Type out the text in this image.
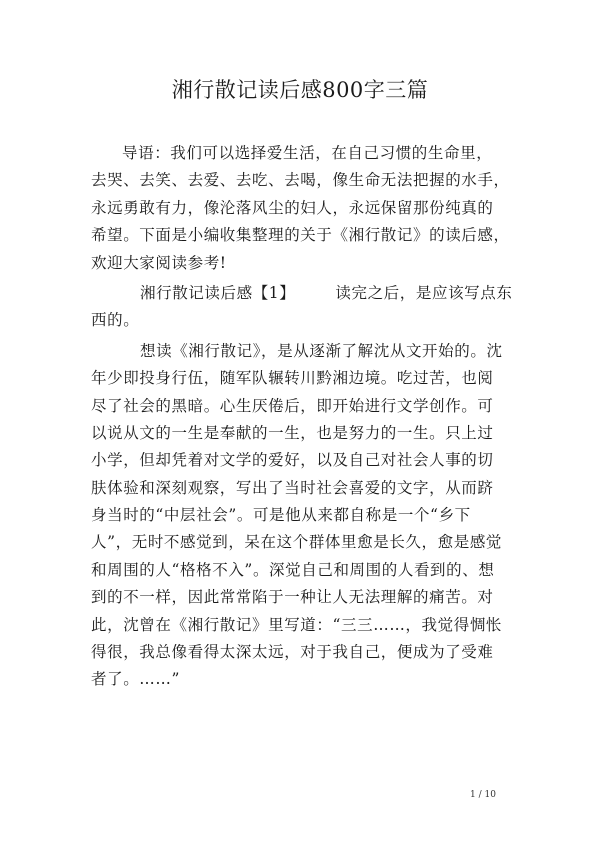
湘行散记读后感800字三篇
导语：我们可以选择爱生活，在自己习惯的生命里，
去哭、去笑、去爱、去吃、去喝，像生命无法把握的水手，
永远勇敢有力，像沦落风尘的妇人，永远保留那份纯真的
希望。下面是小编收集整理的关于《湘行散记》的读后感，
欢迎大家阅读参考!
湘行散记读后感【1】	读完之后，是应该写点东
西的。
想读《湘行散记》，是从逐渐了解沈从文开始的。沈
年少即投身行伍，随军队辗转川黔湘边境。吃过苦，也阅
尽了社会的黑暗。心生厌倦后，即开始进行文学创作。可
以说从文的一生是奉献的一生，也是努力的一生。只上过
小学，但却凭着对文学的爱好，以及自己对社会人事的切
肤体验和深刻观察，写出了当时社会喜爱的文字，从而跻
身当时的“中层社会”。可是他从来都自称是一个“乡下
人”，无时不感觉到，呆在这个群体里愈是长久，愈是感觉
和周围的人“格格不入”。深觉自己和周围的人看到的、想
到的不一样，因此常常陷于一种让人无法理解的痛苦。对
此，沈曾在《湘行散记》里写道：“三三……，我觉得惆怅
得很，我总像看得太深太远，对于我自己，便成为了受难
者了。……”
1 / 10
